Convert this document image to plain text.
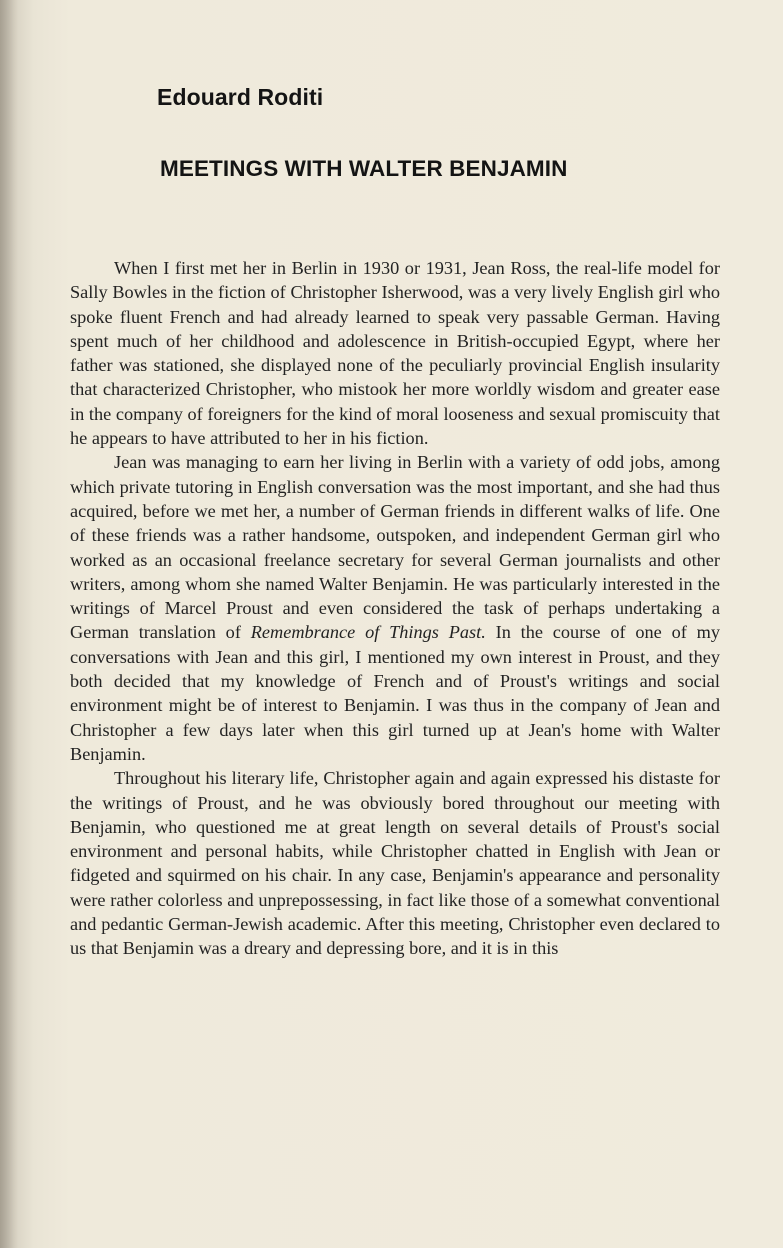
Edouard Roditi
MEETINGS WITH WALTER BENJAMIN

When I first met her in Berlin in 1930 or 1931, Jean Ross, the real-life model for Sally Bowles in the fiction of Christopher Isherwood, was a very lively English girl who spoke fluent French and had already learned to speak very passable German. Having spent much of her childhood and adolescence in British-occupied Egypt, where her father was stationed, she displayed none of the peculiarly provincial English insularity that characterized Christopher, who mistook her more worldly wisdom and greater ease in the company of foreigners for the kind of moral looseness and sexual promiscuity that he appears to have attributed to her in his fiction.

Jean was managing to earn her living in Berlin with a variety of odd jobs, among which private tutoring in English conversation was the most important, and she had thus acquired, before we met her, a number of German friends in different walks of life. One of these friends was a rather handsome, outspoken, and independent German girl who worked as an occasional freelance secretary for several German journalists and other writers, among whom she named Walter Benjamin. He was particularly interested in the writings of Marcel Proust and even considered the task of perhaps undertaking a German translation of Remembrance of Things Past. In the course of one of my conversations with Jean and this girl, I mentioned my own interest in Proust, and they both decided that my knowledge of French and of Proust's writings and social environment might be of interest to Benjamin. I was thus in the company of Jean and Christopher a few days later when this girl turned up at Jean's home with Walter Benjamin.

Throughout his literary life, Christopher again and again expressed his distaste for the writings of Proust, and he was obviously bored throughout our meeting with Benjamin, who questioned me at great length on several details of Proust's social environment and personal habits, while Christopher chatted in English with Jean or fidgeted and squirmed on his chair. In any case, Benjamin's appearance and personality were rather colorless and unprepossessing, in fact like those of a somewhat conventional and pedantic German-Jewish academic. After this meeting, Christopher even declared to us that Benjamin was a dreary and depressing bore, and it is in this
